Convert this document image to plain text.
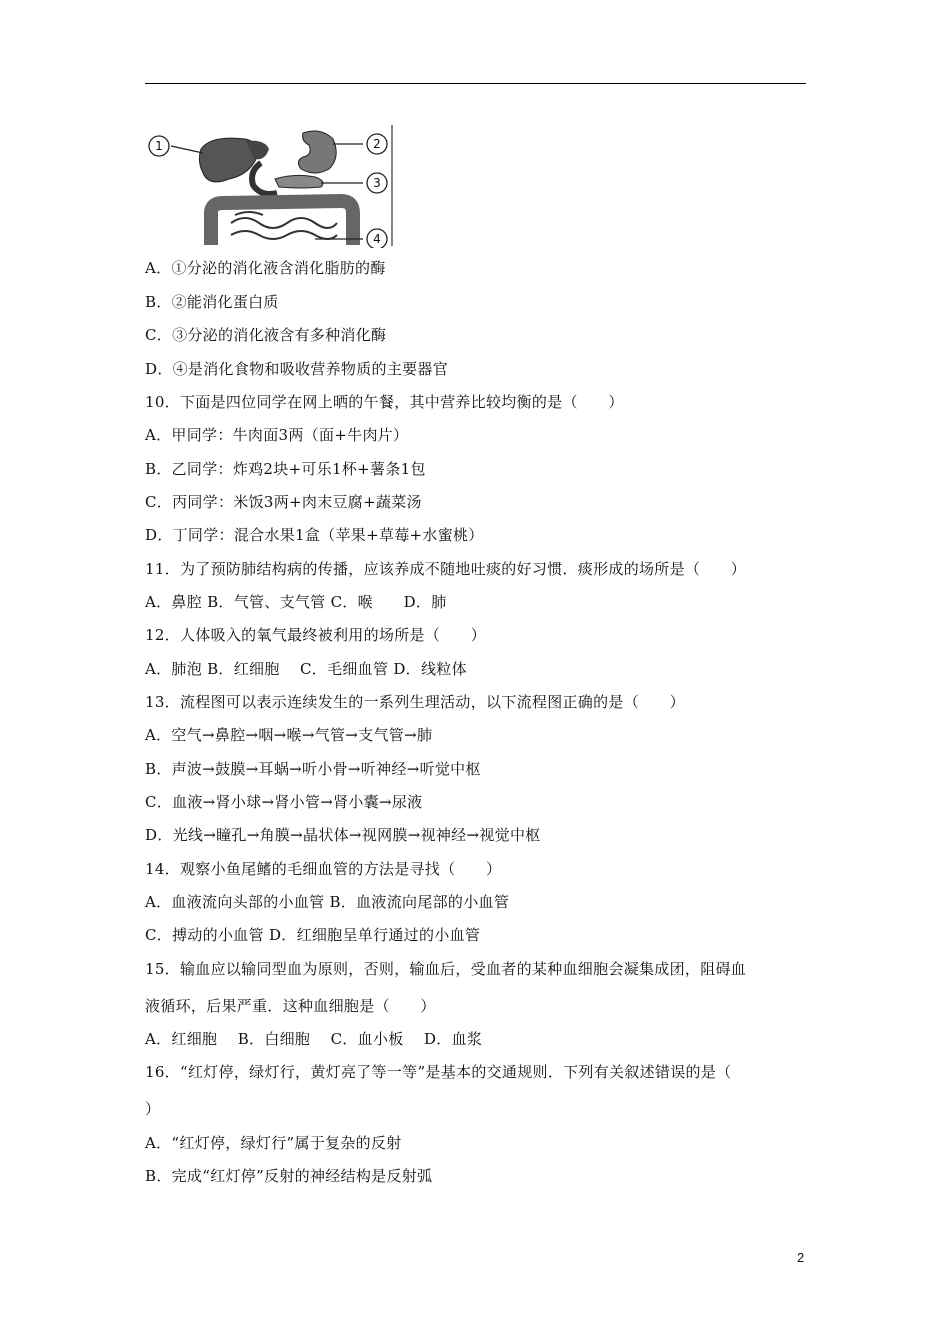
1	2
3
4
A．①分泌的消化液含消化脂肪的酶
B．②能消化蛋白质
C．③分泌的消化液含有多种消化酶
D．④是消化食物和吸收营养物质的主要器官
10．下面是四位同学在网上晒的午餐，其中营养比较均衡的是（　　）
A．甲同学：牛肉面3两（面+牛肉片）
B．乙同学：炸鸡2块+可乐1杯+薯条1包
C．丙同学：米饭3两+肉末豆腐+蔬菜汤
D．丁同学：混合水果1盒（苹果+草莓+水蜜桃）
11．为了预防肺结构病的传播，应该养成不随地吐痰的好习惯．痰形成的场所是（　　）
A．鼻腔 B．气管、支气管 C．喉　　D．肺
12．人体吸入的氧气最终被利用的场所是（　　）
A．肺泡 B．红细胞　 C．毛细血管 D．线粒体
13．流程图可以表示连续发生的一系列生理活动，以下流程图正确的是（　　）
A．空气→鼻腔→咽→喉→气管→支气管→肺
B．声波→鼓膜→耳蜗→听小骨→听神经→听觉中枢
C．血液→肾小球→肾小管→肾小囊→尿液
D．光线→瞳孔→角膜→晶状体→视网膜→视神经→视觉中枢
14．观察小鱼尾鳍的毛细血管的方法是寻找（　　）
A．血液流向头部的小血管 B．血液流向尾部的小血管
C．搏动的小血管 D．红细胞呈单行通过的小血管
15．输血应以输同型血为原则，否则，输血后，受血者的某种血细胞会凝集成团，阻碍血
液循环，后果严重．这种血细胞是（　　）
A．红细胞　 B．白细胞　 C．血小板　 D．血浆
16．“红灯停，绿灯行，黄灯亮了等一等”是基本的交通规则．下列有关叙述错误的是（
）
A．“红灯停，绿灯行”属于复杂的反射
B．完成“红灯停”反射的神经结构是反射弧
2
